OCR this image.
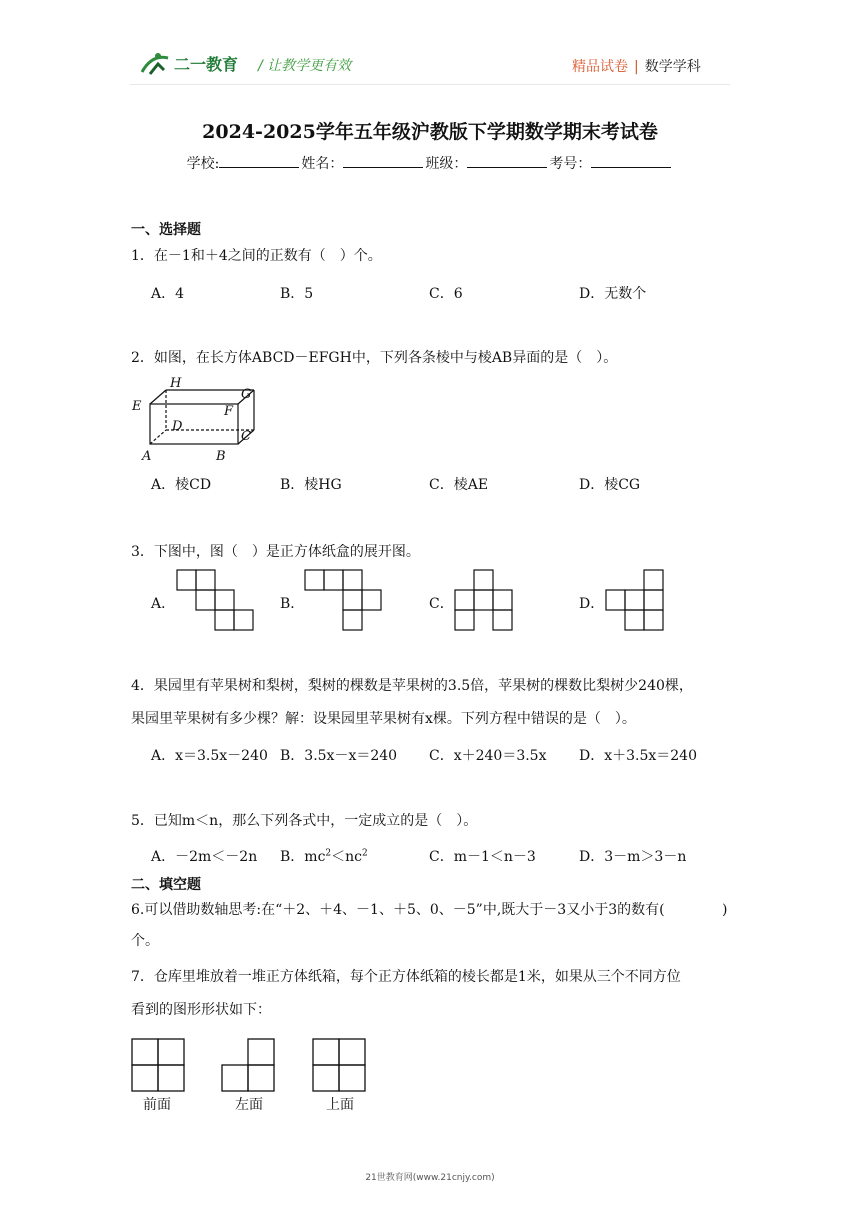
二一教育 / 让教学更有效	精品试卷 | 数学学科
2024-2025学年五年级沪教版下学期数学期末考试卷
学校:	姓名：	班级：	考号：
一、选择题
1．在－1和＋4之间的正数有（　）个。
A．4	B．5	C．6	D．无数个
2．如图，在长方体ABCD－EFGH中，下列各条棱中与棱AB异面的是（　）。
H
G
E	F
D
C
A	B
A．棱CD	B．棱HG	C．棱AE	D．棱CG
3．下图中，图（　）是正方体纸盒的展开图。
A．	B．	C．	D．
4．果园里有苹果树和梨树，梨树的棵数是苹果树的3.5倍，苹果树的棵数比梨树少240棵，
果园里苹果树有多少棵？解：设果园里苹果树有x棵。下列方程中错误的是（　）。
A．x＝3.5x－240 B．3.5x－x＝240 C．x＋240＝3.5x D．x＋3.5x＝240
5．已知m＜n，那么下列各式中，一定成立的是（　）。
A．－2m＜－2n B．$mc^2<nc^2$	C．m－1＜n－3	D．3－m＞3－n
二、填空题
6.可以借助数轴思考:在“＋2、＋4、－1、＋5、0、－5”中,既大于－3又小于3的数有(	)
个。
7．仓库里堆放着一堆正方体纸箱，每个正方体纸箱的棱长都是1米，如果从三个不同方位
看到的图形形状如下：
前面	左面	上面
21世教育网(www.21cnjy.com)
